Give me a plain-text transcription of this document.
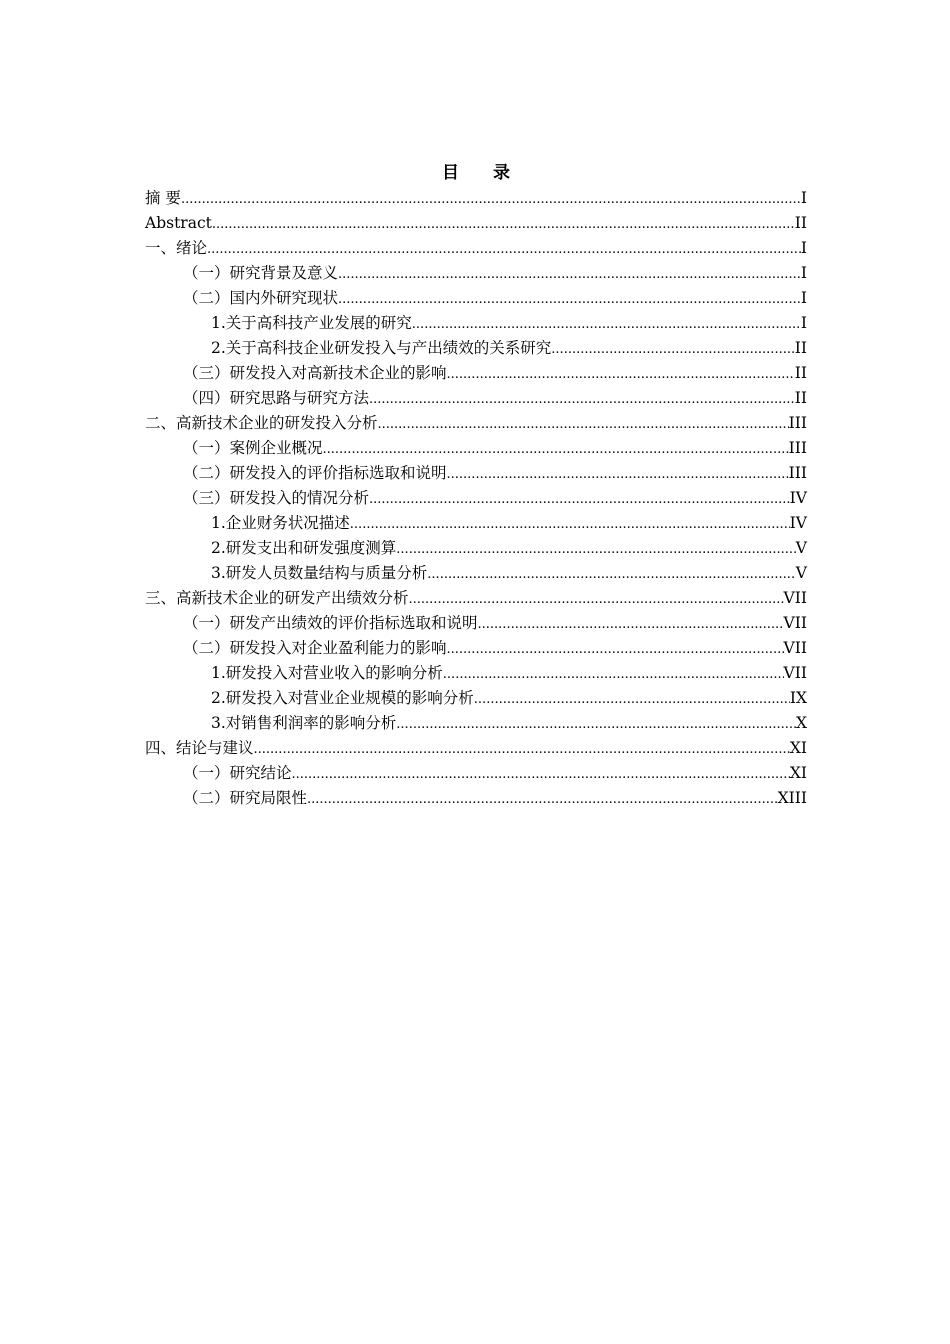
目 录
摘 要 .....	I
Abstract .....	II
一、绪论 .....	I
（一）研究背景及意义 .....	I
（二）国内外研究现状 .....	I
1.关于高科技产业发展的研究 .....	I
2.关于高科技企业研发投入与产出绩效的关系研究 .....	II
（三）研发投入对高新技术企业的影响 .....	II
（四）研究思路与研究方法 .....	II
二、高新技术企业的研发投入分析 .....	III
（一）案例企业概况 .....	III
（二）研发投入的评价指标选取和说明 .....	III
（三）研发投入的情况分析 .....	IV
1.企业财务状况描述 .....	IV
2.研发支出和研发强度测算 .....	V
3.研发人员数量结构与质量分析 .....	V
三、高新技术企业的研发产出绩效分析 .....	VII
（一）研发产出绩效的评价指标选取和说明 .....	VII
（二）研发投入对企业盈利能力的影响 .....	VII
1.研发投入对营业收入的影响分析 .....	VII
2.研发投入对营业企业规模的影响分析 .....	IX
3.对销售利润率的影响分析 .....	X
四、结论与建议 .....	XI
（一）研究结论 .....	XI
（二）研究局限性 .....	XIII
